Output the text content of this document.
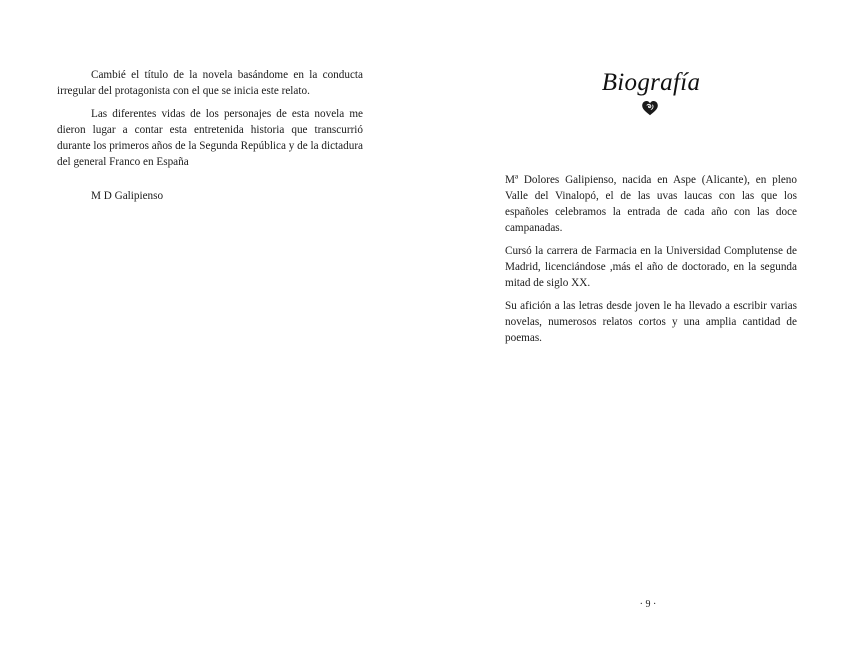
Cambié el título de la novela basándome en la conducta irregular del protagonista con el que se inicia este relato.

Las diferentes vidas de los personajes de esta novela me dieron lugar a contar esta entretenida historia que transcurrió durante los primeros años de la Segunda República y de la dictadura del general Franco en España

M D Galipienso

Biografía

Mª Dolores Galipienso, nacida en Aspe (Alicante), en pleno Valle del Vinalopó, el de las uvas laucas con las que los españoles celebramos la entrada de cada año con las doce campanadas.

Cursó la carrera de Farmacia en la Universidad Complutense de Madrid, licenciándose ,más el año de doctorado, en la segunda mitad de siglo XX.

Su afición a las letras desde joven le ha llevado a escribir varias novelas, numerosos relatos cortos y una amplia cantidad de poemas.

· 9 ·
